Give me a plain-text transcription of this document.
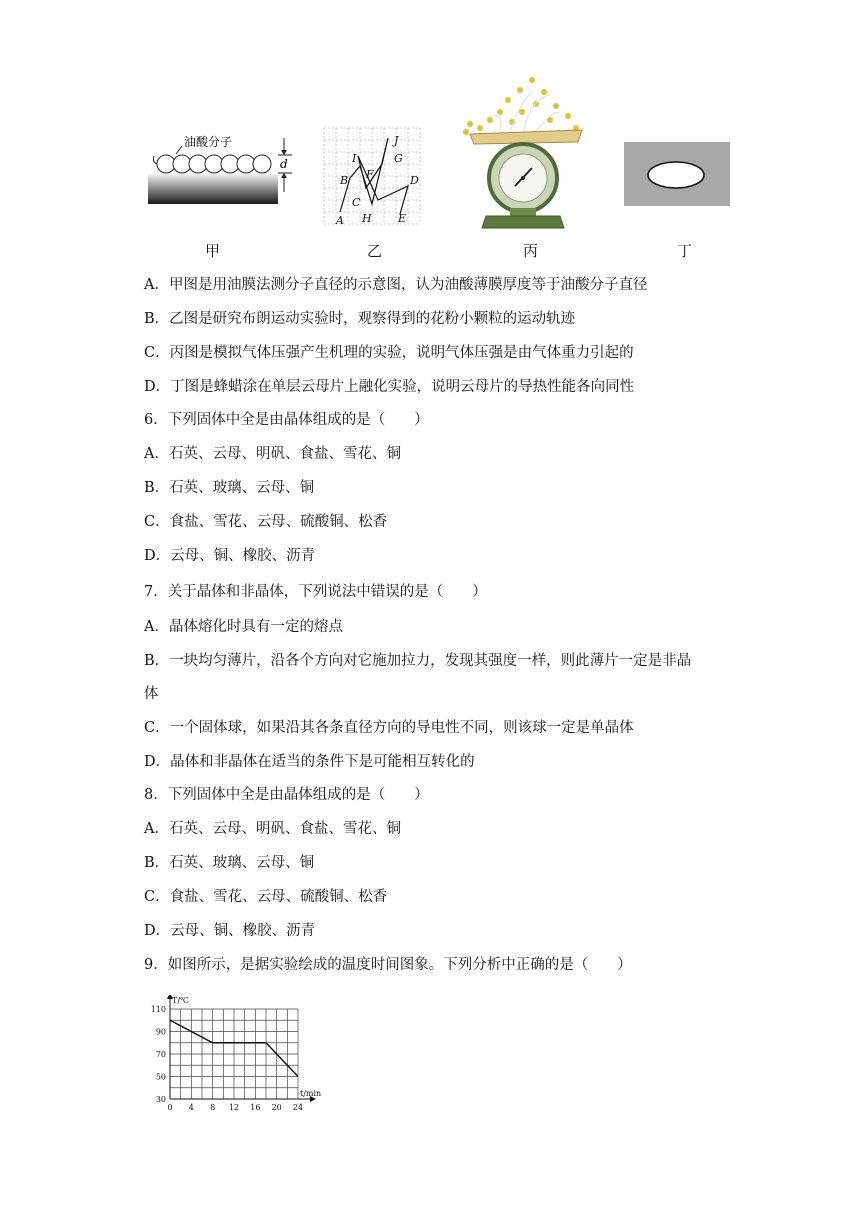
油酸分子
d
J
G
I
F
B	D
C
A H E
甲	乙	丙	丁
A．甲图是用油膜法测分子直径的示意图，认为油酸薄膜厚度等于油酸分子直径
B．乙图是研究布朗运动实验时，观察得到的花粉小颗粒的运动轨迹
C．丙图是模拟气体压强产生机理的实验，说明气体压强是由气体重力引起的
D．丁图是蜂蜡涂在单层云母片上融化实验，说明云母片的导热性能各向同性
6．下列固体中全是由晶体组成的是（　　）
A．石英、云母、明矾、食盐、雪花、铜
B．石英、玻璃、云母、铜
C．食盐、雪花、云母、硫酸铜、松香
D．云母、铜、橡胶、沥青
7．关于晶体和非晶体，下列说法中错误的是（　　）
A．晶体熔化时具有一定的熔点
B．一块均匀薄片，沿各个方向对它施加拉力，发现其强度一样，则此薄片一定是非晶
体
C．一个固体球，如果沿其各条直径方向的导电性不同，则该球一定是单晶体
D．晶体和非晶体在适当的条件下是可能相互转化的
8．下列固体中全是由晶体组成的是（　　）
A．石英、云母、明矾、食盐、雪花、铜
B．石英、玻璃、云母、铜
C．食盐、雪花、云母、硫酸铜、松香
D．云母、铜、橡胶、沥青
9．如图所示，是据实验绘成的温度时间图象。下列分析中正确的是（　　）
0 4 8 12 16 20 24
30
50
70
90
110
T/℃
t/min
